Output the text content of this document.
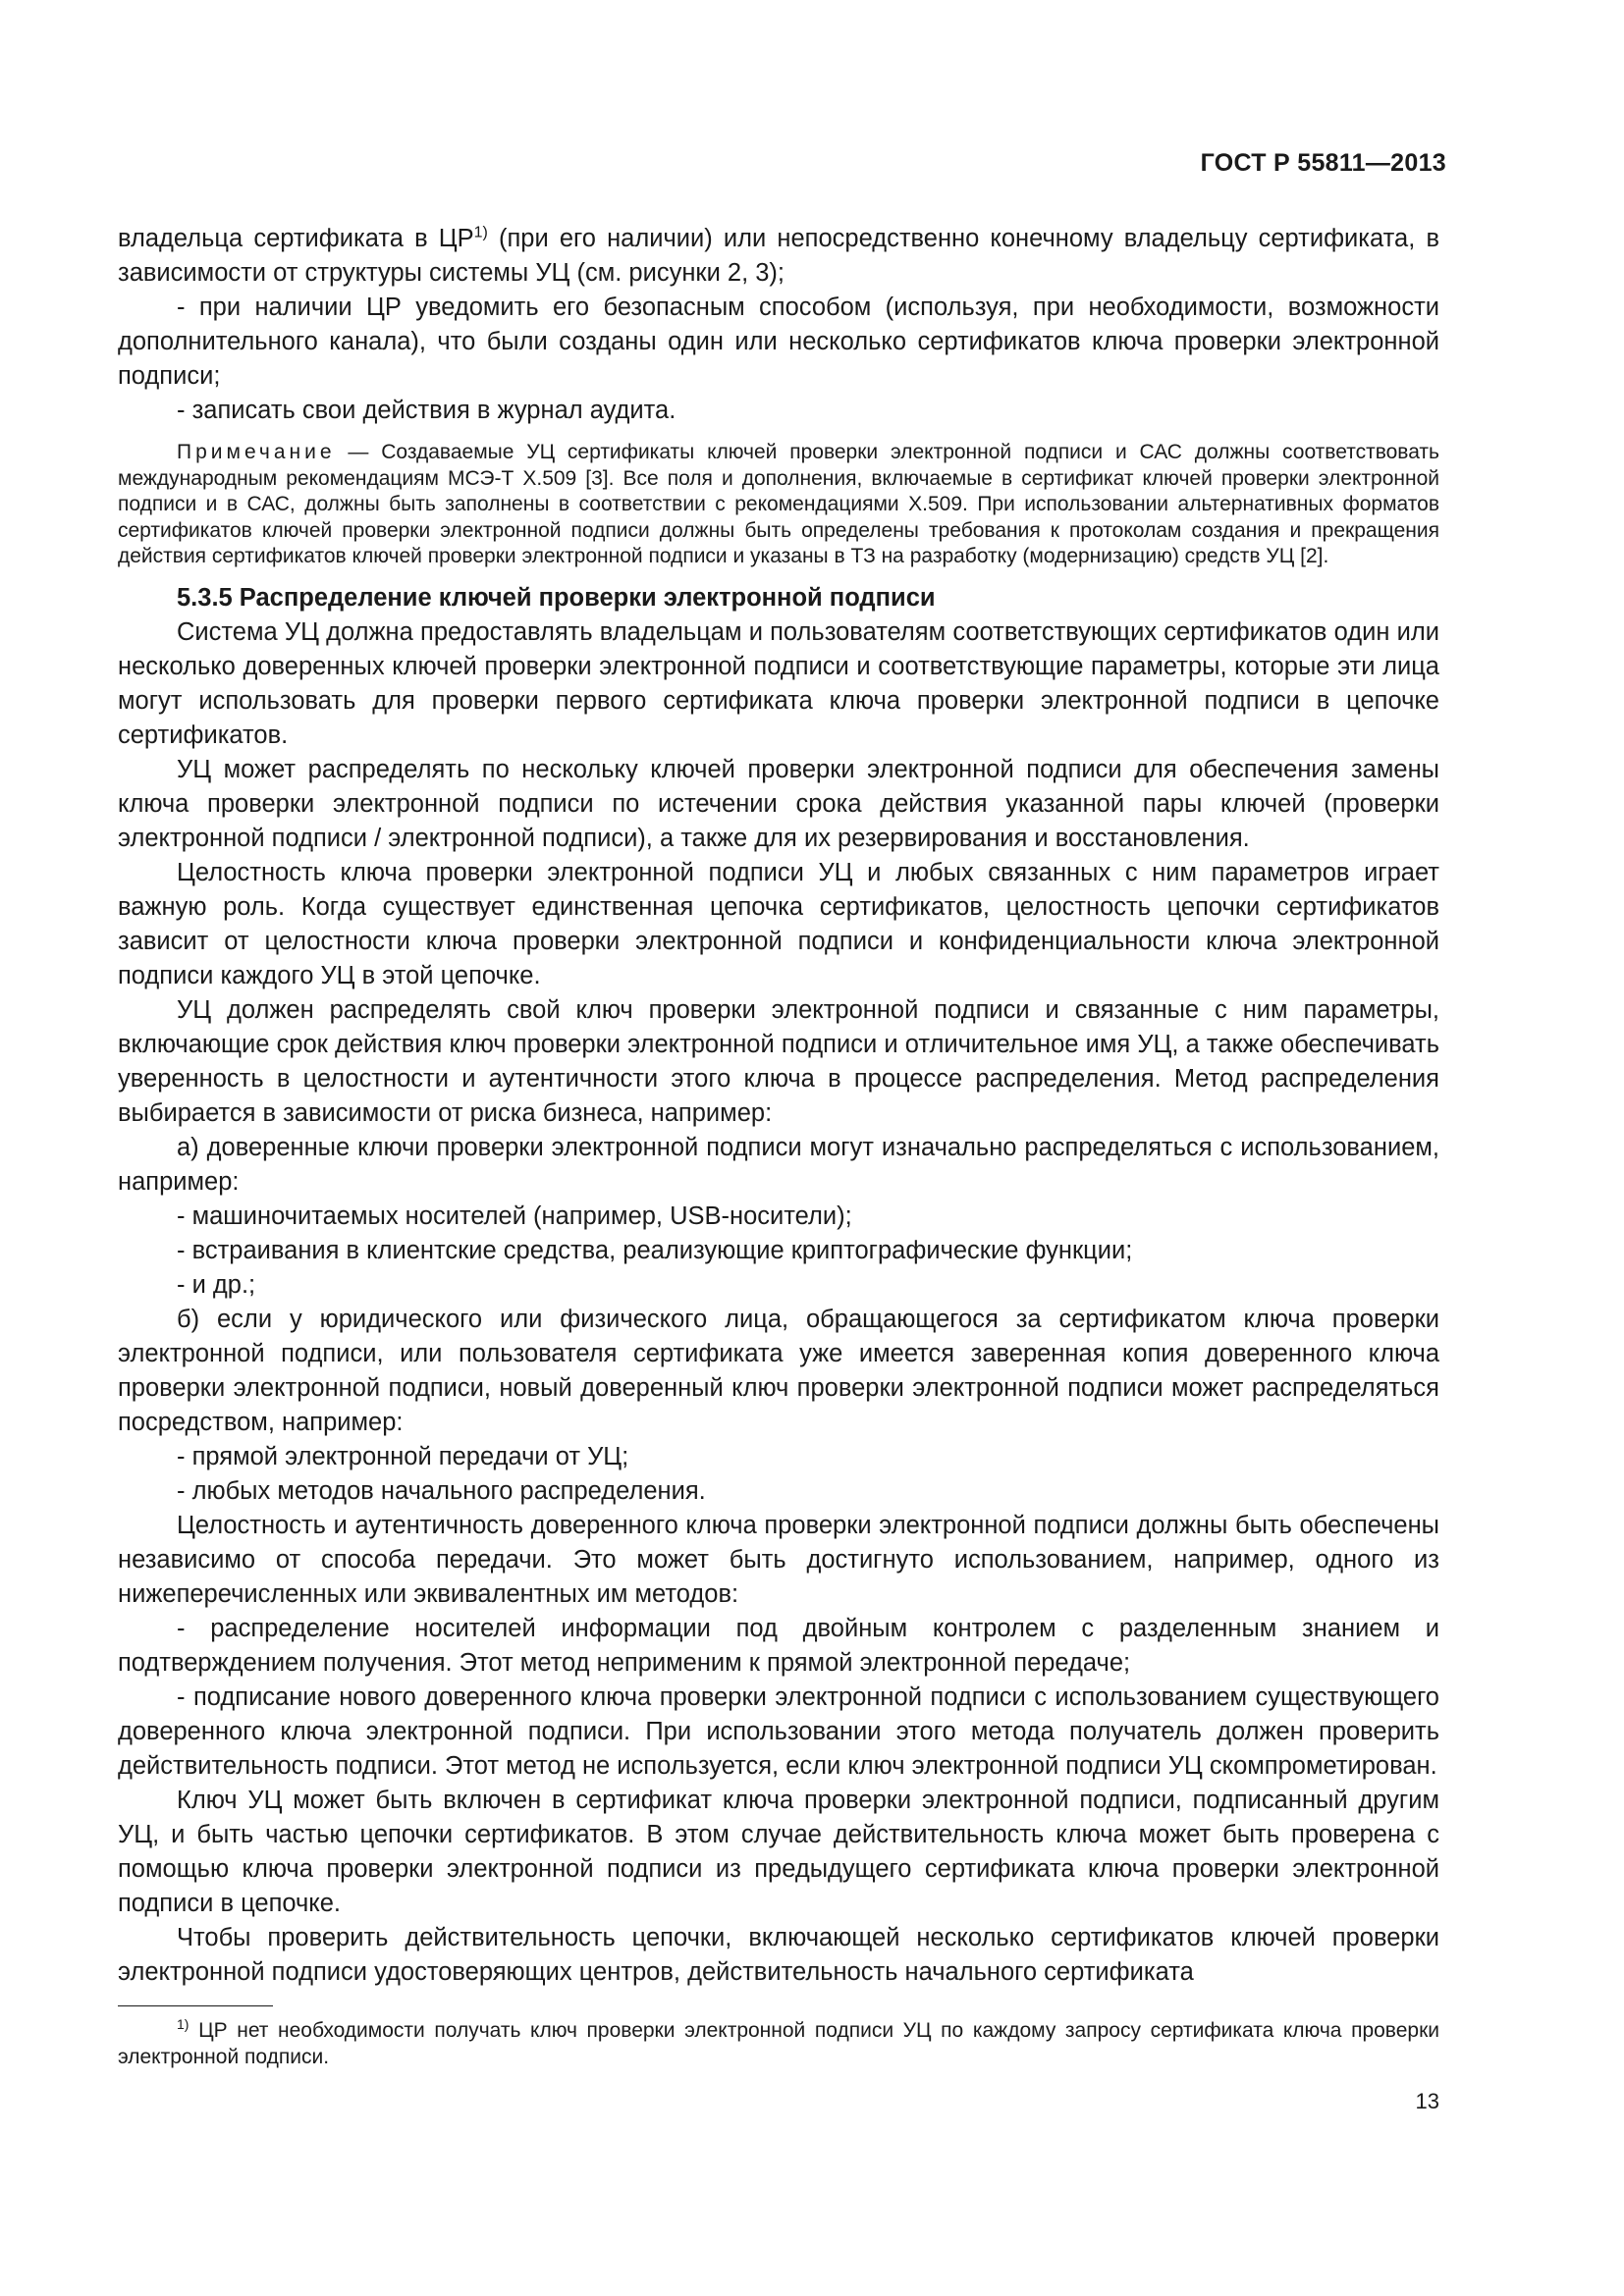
ГОСТ Р 55811—2013

владельца сертификата в ЦР$^{1)}$ (при его наличии) или непосредственно конечному владельцу сертификата, в зависимости от структуры системы УЦ (см. рисунки 2, 3);

- при наличии ЦР уведомить его безопасным способом (используя, при необходимости, возможности дополнительного канала), что были созданы один или несколько сертификатов ключа проверки электронной подписи;

- записать свои действия в журнал аудита.

Примечание — Создаваемые УЦ сертификаты ключей проверки электронной подписи и САС должны соответствовать международным рекомендациям МСЭ-Т Х.509 [3]. Все поля и дополнения, включаемые в сертификат ключей проверки электронной подписи и в САС, должны быть заполнены в соответствии с рекомендациями Х.509. При использовании альтернативных форматов сертификатов ключей проверки электронной подписи должны быть определены требования к протоколам создания и прекращения действия сертификатов ключей проверки электронной подписи и указаны в ТЗ на разработку (модернизацию) средств УЦ [2].

5.3.5 Распределение ключей проверки электронной подписи

Система УЦ должна предоставлять владельцам и пользователям соответствующих сертификатов один или несколько доверенных ключей проверки электронной подписи и соответствующие параметры, которые эти лица могут использовать для проверки первого сертификата ключа проверки электронной подписи в цепочке сертификатов.

УЦ может распределять по нескольку ключей проверки электронной подписи для обеспечения замены ключа проверки электронной подписи по истечении срока действия указанной пары ключей (проверки электронной подписи / электронной подписи), а также для их резервирования и восстановления.

Целостность ключа проверки электронной подписи УЦ и любых связанных с ним параметров играет важную роль. Когда существует единственная цепочка сертификатов, целостность цепочки сертификатов зависит от целостности ключа проверки электронной подписи и конфиденциальности ключа электронной подписи каждого УЦ в этой цепочке.

УЦ должен распределять свой ключ проверки электронной подписи и связанные с ним параметры, включающие срок действия ключ проверки электронной подписи и отличительное имя УЦ, а также обеспечивать уверенность в целостности и аутентичности этого ключа в процессе распределения. Метод распределения выбирается в зависимости от риска бизнеса, например:

а) доверенные ключи проверки электронной подписи могут изначально распределяться с использованием, например:

- машиночитаемых носителей (например, USB-носители);

- встраивания в клиентские средства, реализующие криптографические функции;

- и др.;

б) если у юридического или физического лица, обращающегося за сертификатом ключа проверки электронной подписи, или пользователя сертификата уже имеется заверенная копия доверенного ключа проверки электронной подписи, новый доверенный ключ проверки электронной подписи может распределяться посредством, например:

- прямой электронной передачи от УЦ;

- любых методов начального распределения.

Целостность и аутентичность доверенного ключа проверки электронной подписи должны быть обеспечены независимо от способа передачи. Это может быть достигнуто использованием, например, одного из нижеперечисленных или эквивалентных им методов:

- распределение носителей информации под двойным контролем с разделенным знанием и подтверждением получения. Этот метод неприменим к прямой электронной передаче;

- подписание нового доверенного ключа проверки электронной подписи с использованием существующего доверенного ключа электронной подписи. При использовании этого метода получатель должен проверить действительность подписи. Этот метод не используется, если ключ электронной подписи УЦ скомпрометирован.

Ключ УЦ может быть включен в сертификат ключа проверки электронной подписи, подписанный другим УЦ, и быть частью цепочки сертификатов. В этом случае действительность ключа может быть проверена с помощью ключа проверки электронной подписи из предыдущего сертификата ключа проверки электронной подписи в цепочке.

Чтобы проверить действительность цепочки, включающей несколько сертификатов ключей проверки электронной подписи удостоверяющих центров, действительность начального сертификата

$^{1)}$ ЦР нет необходимости получать ключ проверки электронной подписи УЦ по каждому запросу сертификата ключа проверки электронной подписи.
13
